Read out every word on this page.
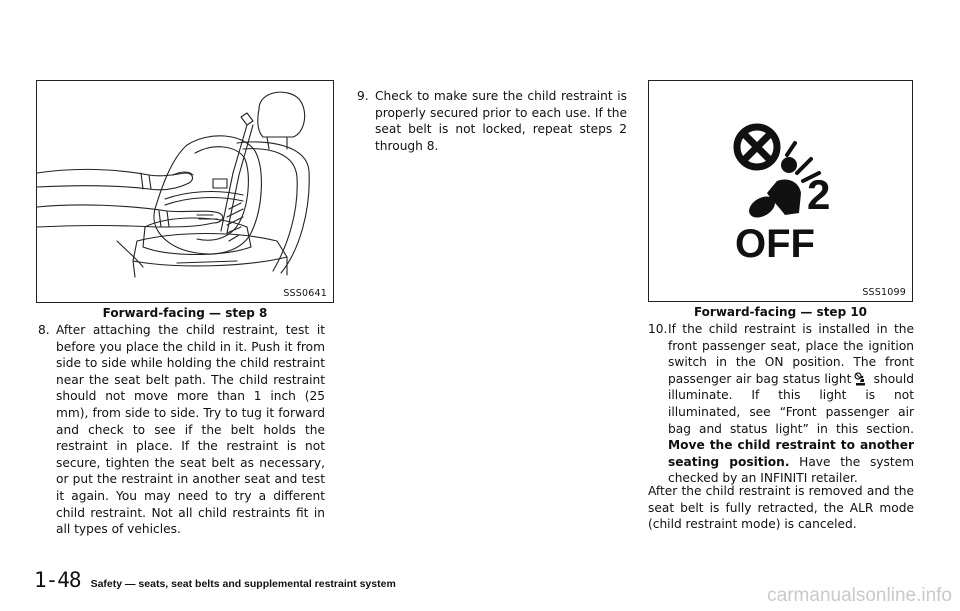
SSS0641
Forward-facing — step 8
8. After attaching the child restraint, test it before you place the child in it. Push it from side to side while holding the child restraint near the seat belt path. The child restraint should not move more than 1 inch (25 mm), from side to side. Try to tug it forward and check to see if the belt holds the restraint in place. If the restraint is not secure, tighten the seat belt as necessary, or put the restraint in another seat and test it again. You may need to try a different child restraint. Not all child restraints fit in all types of vehicles.
9. Check to make sure the child restraint is properly secured prior to each use. If the seat belt is not locked, repeat steps 2 through 8.
2
OFF
SSS1099
Forward-facing — step 10
10. If the child restraint is installed in the front passenger seat, place the ignition switch in the ON position. The front passenger air bag status light should illuminate. If this light is not illuminated, see “Front passenger air bag and status light” in this section. Move the child restraint to another seating position. Have the system checked by an INFINITI retailer.
After the child restraint is removed and the seat belt is fully retracted, the ALR mode (child restraint mode) is canceled.
1-48 Safety — seats, seat belts and supplemental restraint system
carmanualsonline.info
